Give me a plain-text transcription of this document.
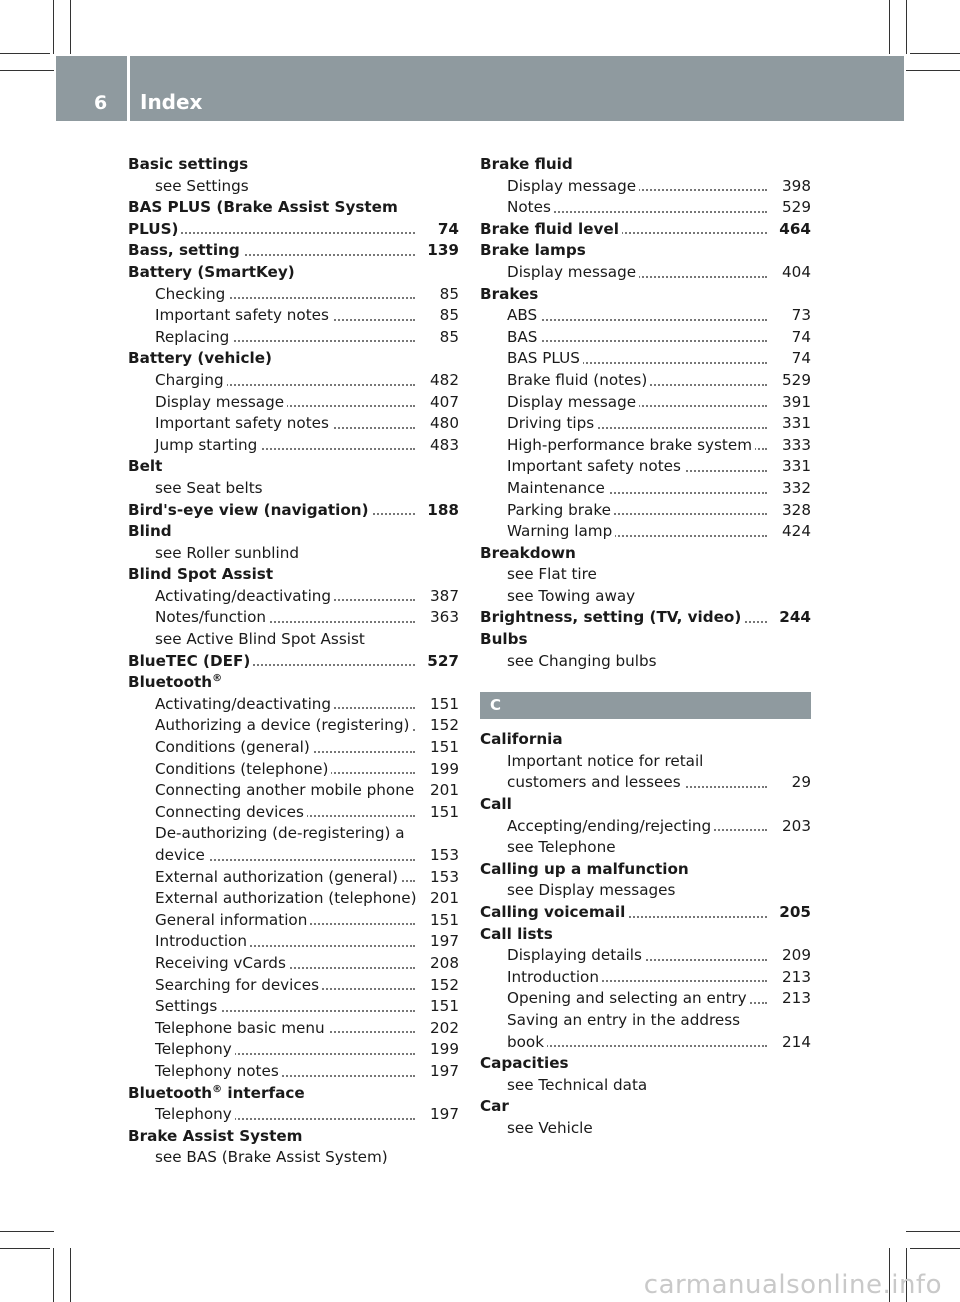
6 Index
Basic settings
see Settings
BAS PLUS (Brake Assist System
PLUS)	74
Bass, setting	139
Battery (SmartKey)
Checking	85
Important safety notes	85
Replacing	85
Battery (vehicle)
Charging	482
Display message	407
Important safety notes	480
Jump starting	483
Belt
see Seat belts
Bird's-eye view (navigation)	188
Blind
see Roller sunblind
Blind Spot Assist
Activating/deactivating	387
Notes/function	363
see Active Blind Spot Assist
BlueTEC (DEF)	527
Bluetooth®
Activating/deactivating	151
Authorizing a device (registering) 152
Conditions (general)	151
Conditions (telephone)	199
Connecting another mobile phone 201
Connecting devices	151
De-authorizing (de-registering) a
device	153
External authorization (general) 153
External authorization (telephone) 201
General information	151
Introduction	197
Receiving vCards	208
Searching for devices	152
Settings	151
Telephone basic menu	202
Telephony	199
Telephony notes	197
Bluetooth® interface
Telephony	197
Brake Assist System
see BAS (Brake Assist System)
Brake fluid
Display message	398
Notes	529
Brake fluid level	464
Brake lamps
Display message	404
Brakes
ABS	73
BAS	74
BAS PLUS	74
Brake fluid (notes)	529
Display message	391
Driving tips	331
High-performance brake system 333
Important safety notes	331
Maintenance	332
Parking brake	328
Warning lamp	424
Breakdown
see Flat tire
see Towing away
Brightness, setting (TV, video) 244
Bulbs
see Changing bulbs
C
California
Important notice for retail
customers and lessees	29
Call
Accepting/ending/rejecting	203
see Telephone
Calling up a malfunction
see Display messages
Calling voicemail	205
Call lists
Displaying details	209
Introduction	213
Opening and selecting an entry 213
Saving an entry in the address
book	214
Capacities
see Technical data
Car
see Vehicle
carmanualsonline.info
